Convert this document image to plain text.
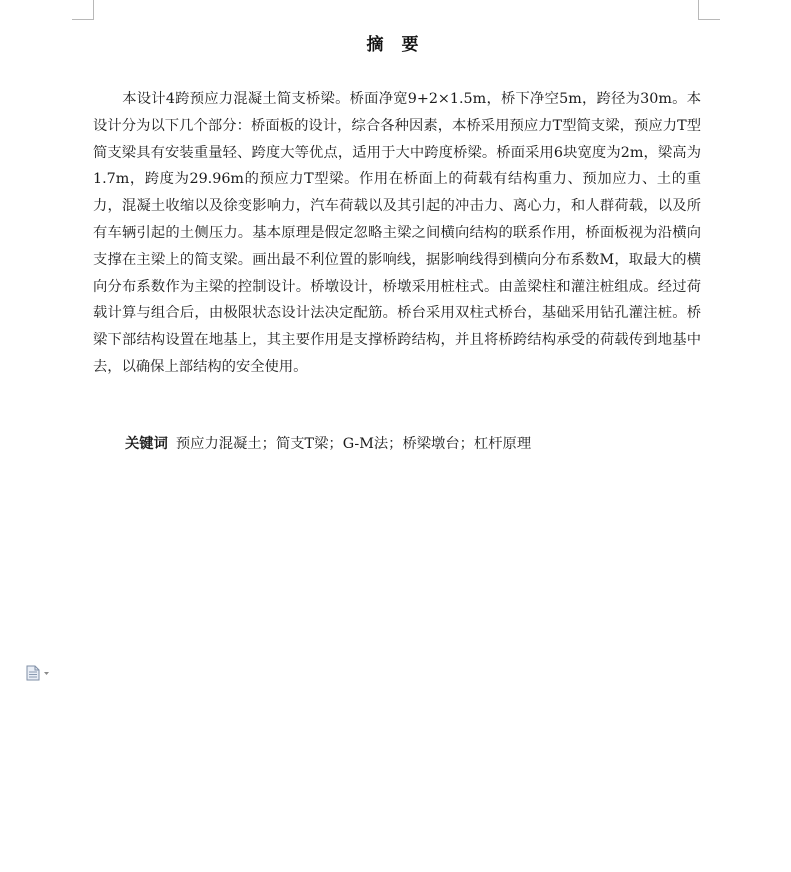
摘 要

本设计4跨预应力混凝土简支桥梁。桥面净宽9+2×1.5m，桥下净空5m，跨径为30m。本设计分为以下几个部分：桥面板的设计，综合各种因素，本桥采用预应力T型简支梁，预应力T型简支梁具有安装重量轻、跨度大等优点，适用于大中跨度桥梁。桥面采用6块宽度为2m，梁高为1.7m，跨度为29.96m的预应力T型梁。作用在桥面上的荷载有结构重力、预加应力、土的重力，混凝土收缩以及徐变影响力，汽车荷载以及其引起的冲击力、离心力，和人群荷载，以及所有车辆引起的土侧压力。基本原理是假定忽略主梁之间横向结构的联系作用，桥面板视为沿横向支撑在主梁上的简支梁。画出最不利位置的影响线，据影响线得到横向分布系数M，取最大的横向分布系数作为主梁的控制设计。桥墩设计，桥墩采用桩柱式。由盖梁柱和灌注桩组成。经过荷载计算与组合后，由极限状态设计法决定配筋。桥台采用双柱式桥台，基础采用钻孔灌注桩。桥梁下部结构设置在地基上，其主要作用是支撑桥跨结构，并且将桥跨结构承受的荷载传到地基中去，以确保上部结构的安全使用。

关键词 预应力混凝土；简支T梁；G-M法；桥梁墩台；杠杆原理
